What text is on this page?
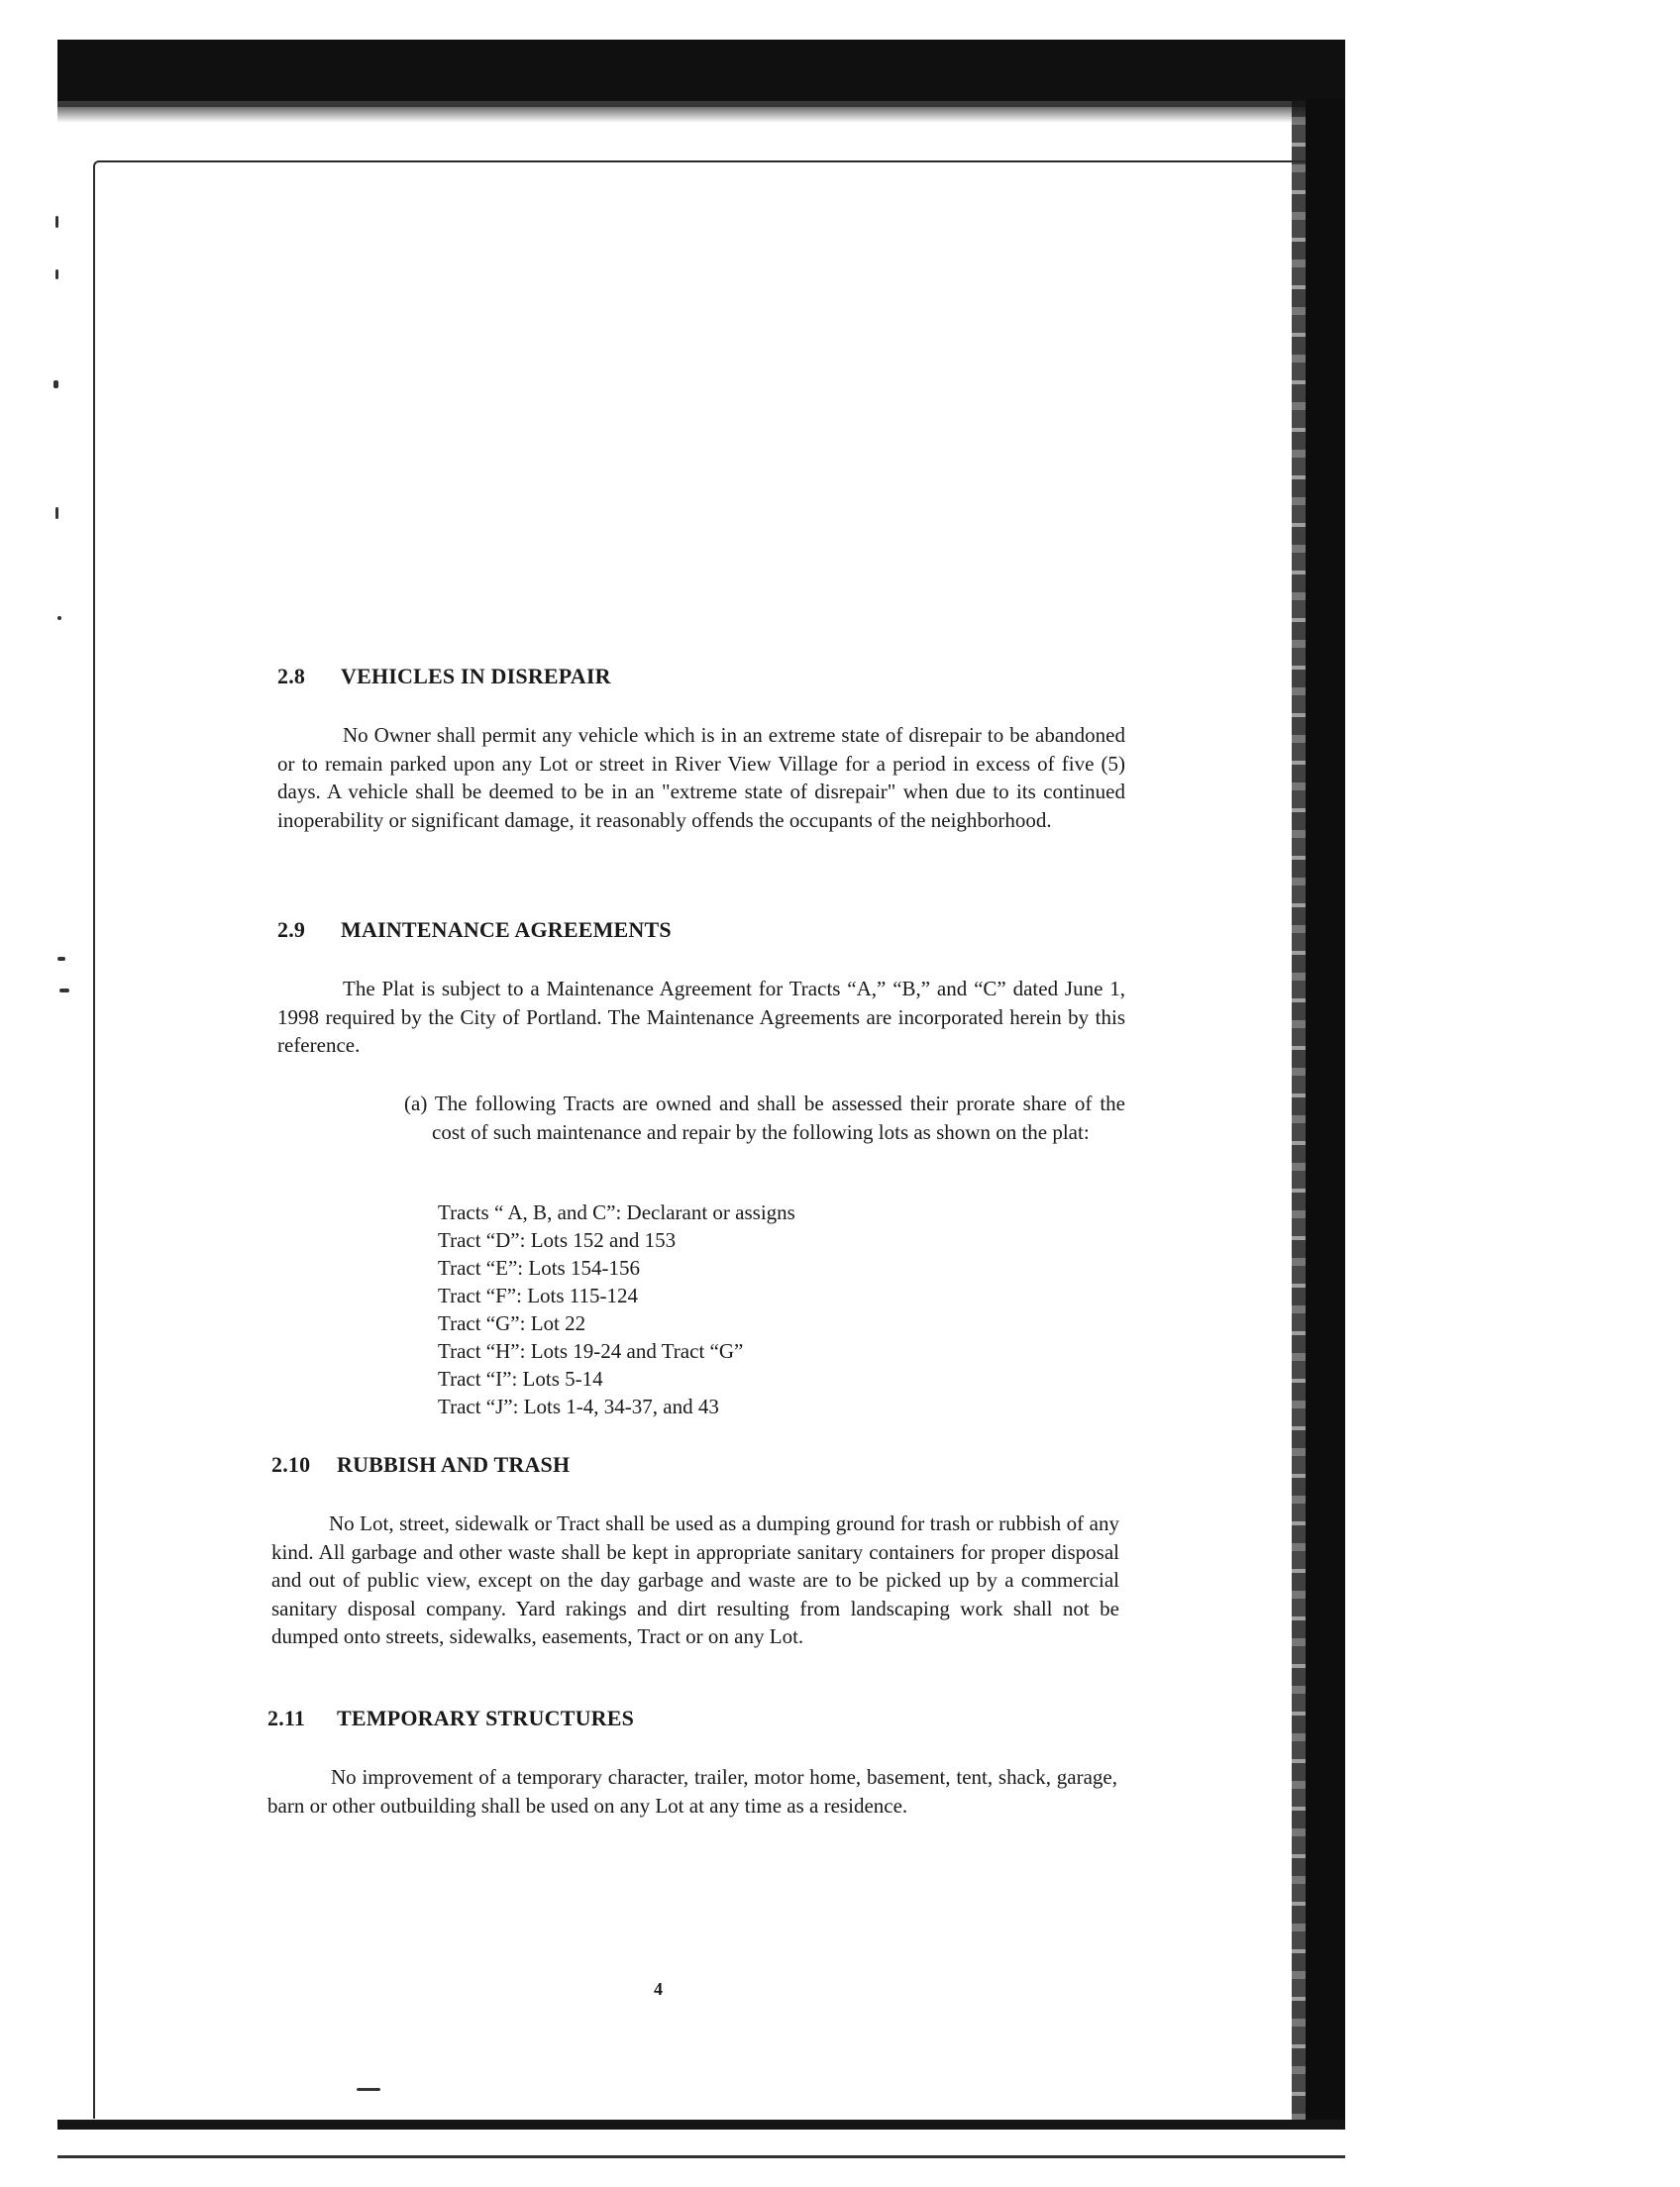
2.8 VEHICLES IN DISREPAIR
No Owner shall permit any vehicle which is in an extreme state of disrepair to be abandoned or to remain parked upon any Lot or street in River View Village for a period in excess of five (5) days. A vehicle shall be deemed to be in an "extreme state of disrepair" when due to its continued inoperability or significant damage, it reasonably offends the occupants of the neighborhood.
2.9 MAINTENANCE AGREEMENTS
The Plat is subject to a Maintenance Agreement for Tracts “A,” “B,” and “C” dated June 1, 1998 required by the City of Portland. The Maintenance Agreements are incorporated herein by this reference.
(a) The following Tracts are owned and shall be assessed their prorate share of the cost of such maintenance and repair by the following lots as shown on the plat:
Tracts “ A, B, and C”: Declarant or assigns
Tract “D”: Lots 152 and 153
Tract “E”: Lots 154-156
Tract “F”: Lots 115-124
Tract “G”: Lot 22
Tract “H”: Lots 19-24 and Tract “G”
Tract “I”: Lots 5-14
Tract “J”: Lots 1-4, 34-37, and 43
2.10 RUBBISH AND TRASH
No Lot, street, sidewalk or Tract shall be used as a dumping ground for trash or rubbish of any kind. All garbage and other waste shall be kept in appropriate sanitary containers for proper disposal and out of public view, except on the day garbage and waste are to be picked up by a commercial sanitary disposal company. Yard rakings and dirt resulting from landscaping work shall not be dumped onto streets, sidewalks, easements, Tract or on any Lot.
2.11 TEMPORARY STRUCTURES
No improvement of a temporary character, trailer, motor home, basement, tent, shack, garage, barn or other outbuilding shall be used on any Lot at any time as a residence.
4
